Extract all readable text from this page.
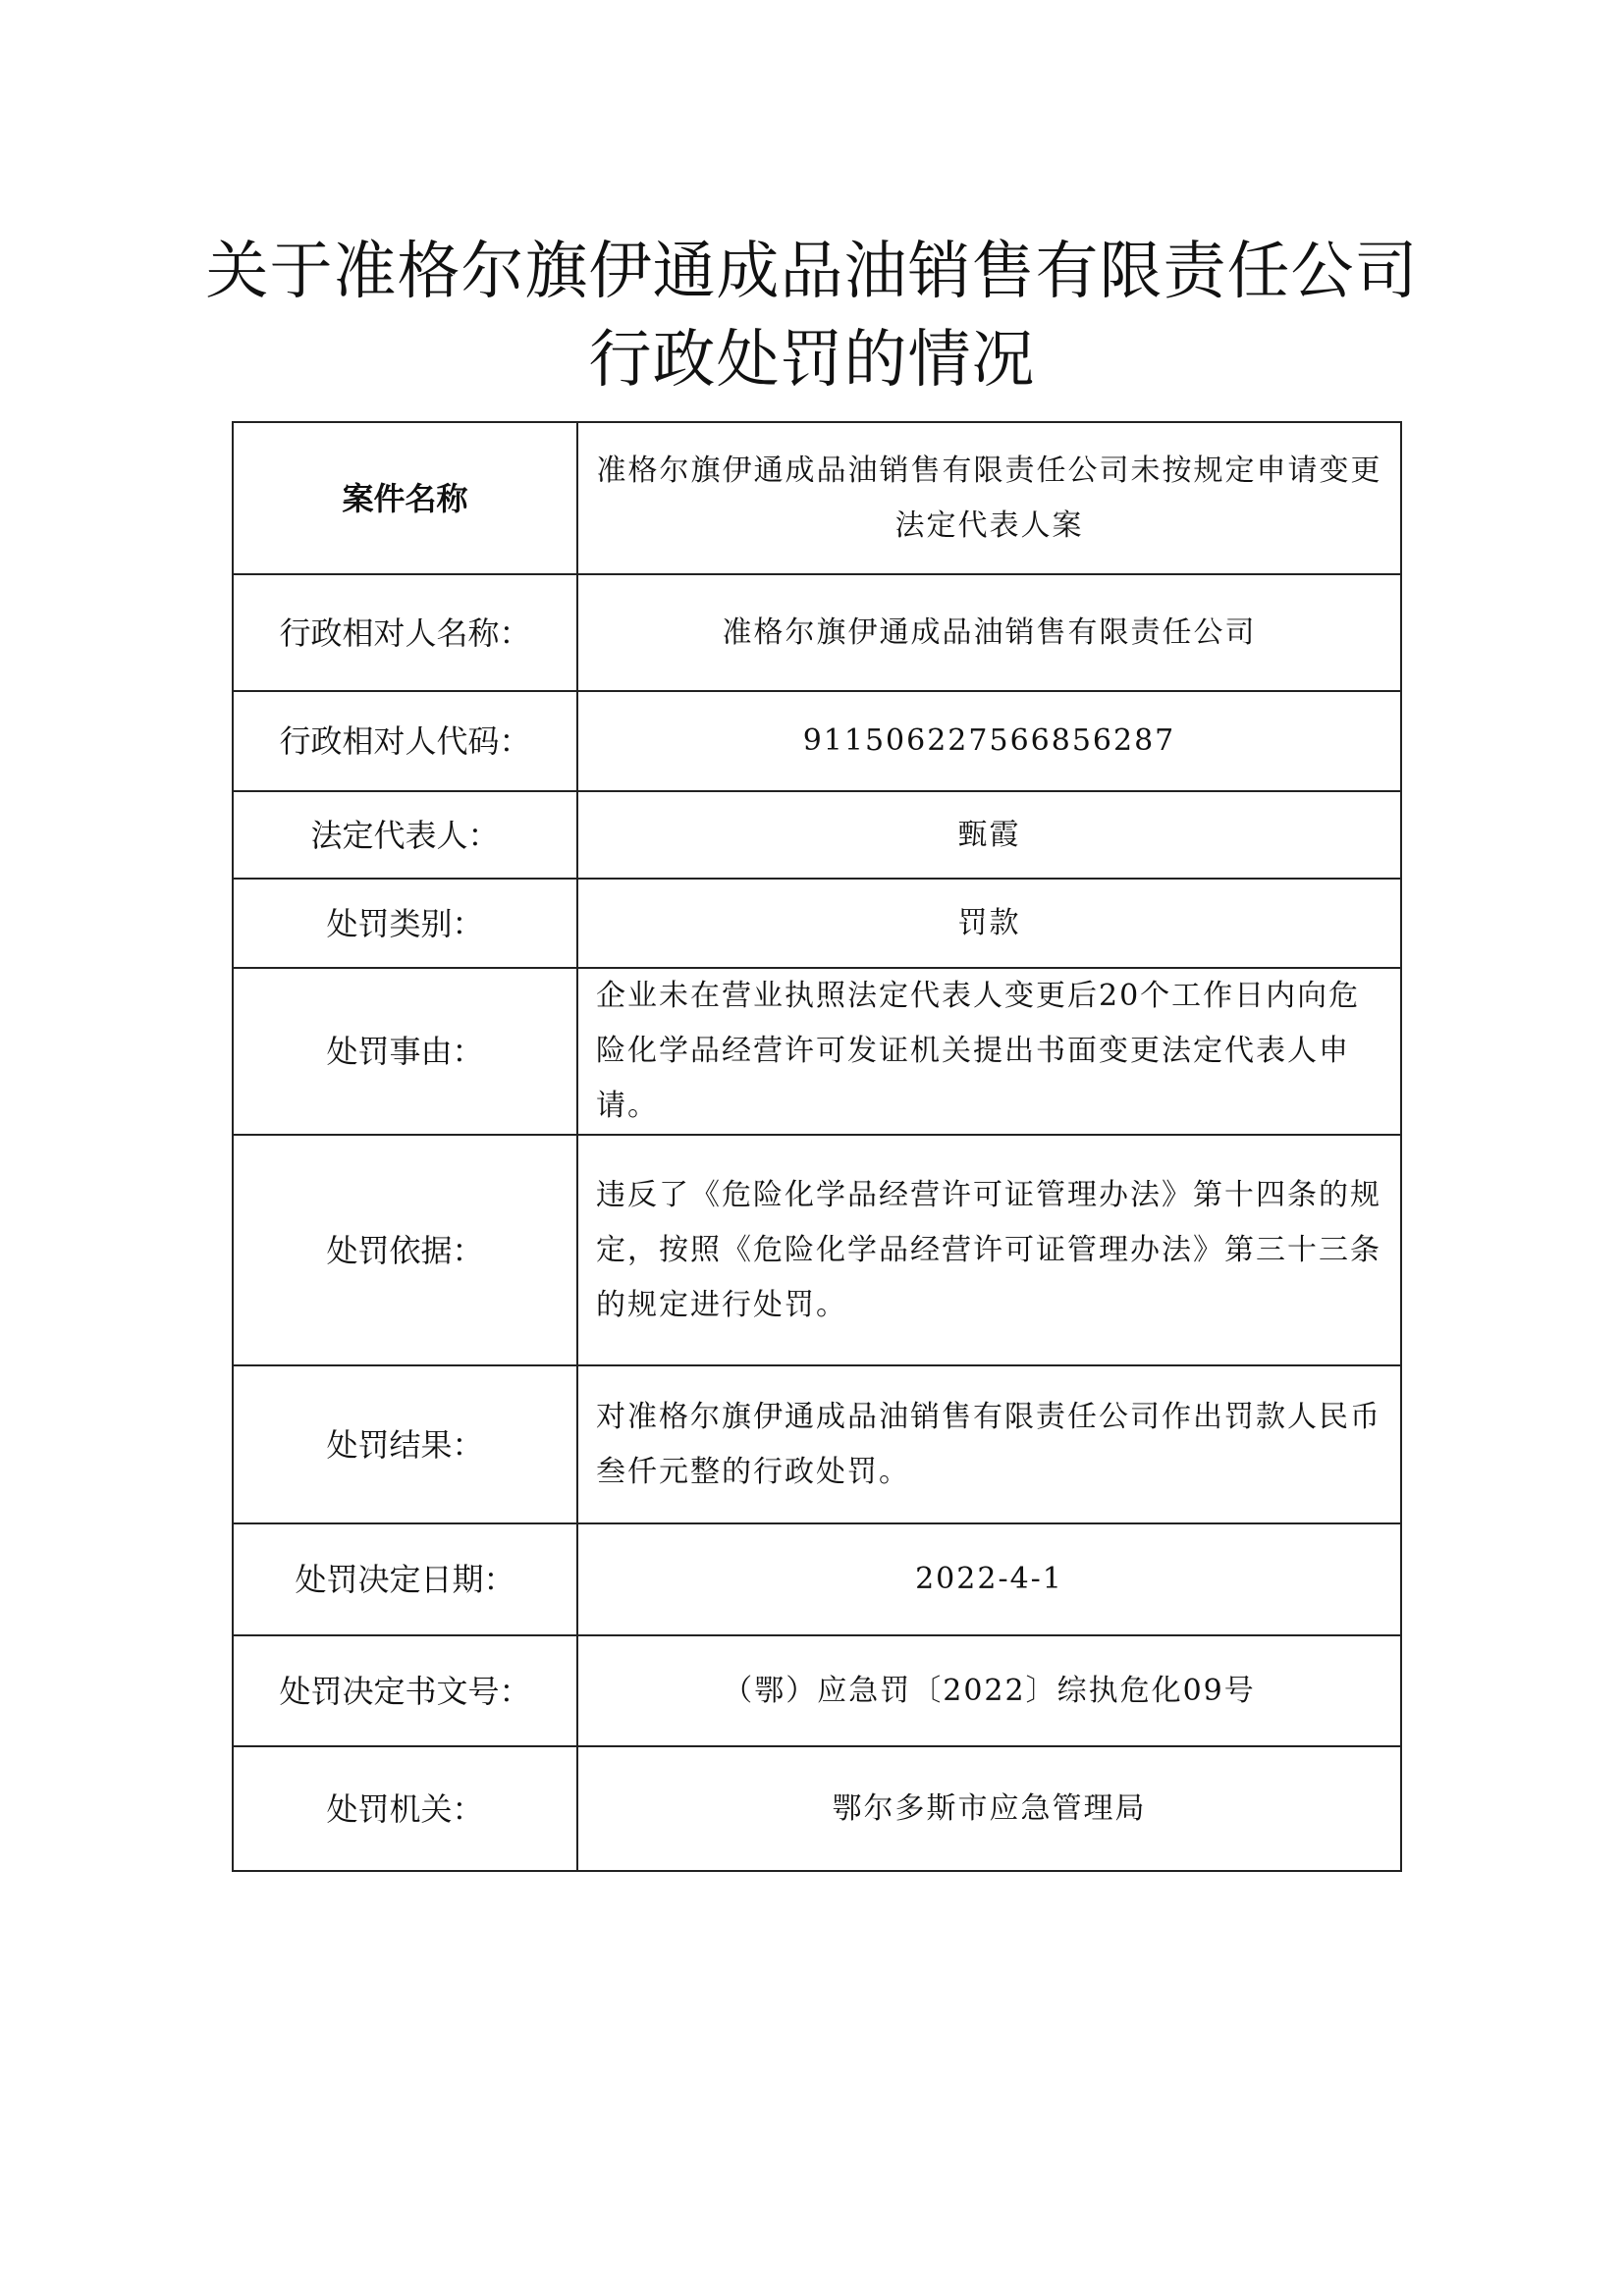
关于准格尔旗伊通成品油销售有限责任公司
行政处罚的情况
案件名称	准格尔旗伊通成品油销售有限责任公司未按规定申请变更法定代表人案
行政相对人名称：	准格尔旗伊通成品油销售有限责任公司
行政相对人代码：	911506227566856287
法定代表人：	甄霞
处罚类别：	罚款
处罚事由：	企业未在营业执照法定代表人变更后20个工作日内向危险化学品经营许可发证机关提出书面变更法定代表人申请。
处罚依据：	违反了《危险化学品经营许可证管理办法》第十四条的规定，按照《危险化学品经营许可证管理办法》第三十三条的规定进行处罚。
处罚结果：	对准格尔旗伊通成品油销售有限责任公司作出罚款人民币叁仟元整的行政处罚。
处罚决定日期：	2022-4-1
处罚决定书文号：	（鄂）应急罚〔2022〕综执危化09号
处罚机关：	鄂尔多斯市应急管理局
